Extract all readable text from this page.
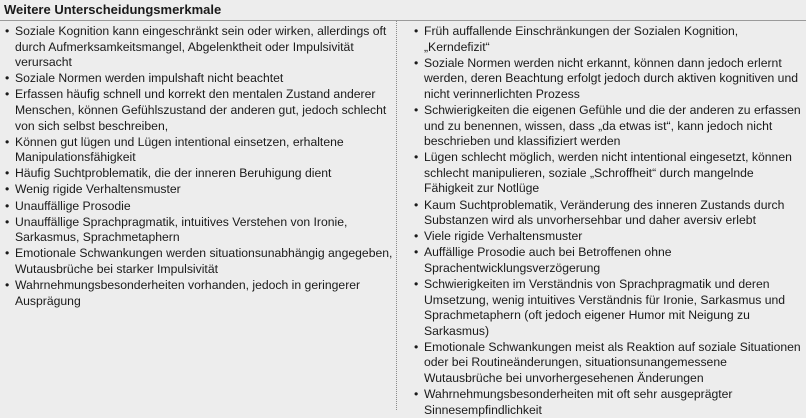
Weitere Unterscheidungsmerkmale
• Soziale Kognition kann eingeschränkt sein oder wirken, allerdings oft durch Aufmerksamkeitsmangel, Abgelenktheit oder Impulsivität verursacht
• Soziale Normen werden impulshaft nicht beachtet
• Erfassen häufig schnell und korrekt den mentalen Zustand anderer Menschen, können Gefühlszustand der anderen gut, jedoch schlecht von sich selbst beschreiben,
• Können gut lügen und Lügen intentional einsetzen, erhaltene Manipulationsfähigkeit
• Häufig Suchtproblematik, die der inneren Beruhigung dient
• Wenig rigide Verhaltensmuster
• Unauffällige Prosodie
• Unauffällige Sprachpragmatik, intuitives Verstehen von Ironie, Sarkasmus, Sprachmetaphern
• Emotionale Schwankungen werden situationsunabhängig angegeben, Wutausbrüche bei starker Impulsivität
• Wahrnehmungsbesonderheiten vorhanden, jedoch in geringerer Ausprägung
• Früh auffallende Einschränkungen der Sozialen Kognition, „Kerndefizit“
• Soziale Normen werden nicht erkannt, können dann jedoch erlernt werden, deren Beachtung erfolgt jedoch durch aktiven kognitiven und nicht verinnerlichten Prozess
• Schwierigkeiten die eigenen Gefühle und die der anderen zu erfassen und zu benennen, wissen, dass „da etwas ist“, kann jedoch nicht beschrieben und klassifiziert werden
• Lügen schlecht möglich, werden nicht intentional eingesetzt, können schlecht manipulieren, soziale „Schroffheit“ durch mangelnde Fähigkeit zur Notlüge
• Kaum Suchtproblematik, Veränderung des inneren Zustands durch Substanzen wird als unvorhersehbar und daher aversiv erlebt
• Viele rigide Verhaltensmuster
• Auffällige Prosodie auch bei Betroffenen ohne Sprachentwicklungsverzögerung
• Schwierigkeiten im Verständnis von Sprachpragmatik und deren Umsetzung, wenig intuitives Verständnis für Ironie, Sarkasmus und Sprachmetaphern (oft jedoch eigener Humor mit Neigung zu Sarkasmus)
• Emotionale Schwankungen meist als Reaktion auf soziale Situationen oder bei Routineänderungen, situationsunangemessene Wutausbrüche bei unvorhergesehenen Änderungen
• Wahrnehmungsbesonderheiten mit oft sehr ausgeprägter Sinnesempfindlichkeit
